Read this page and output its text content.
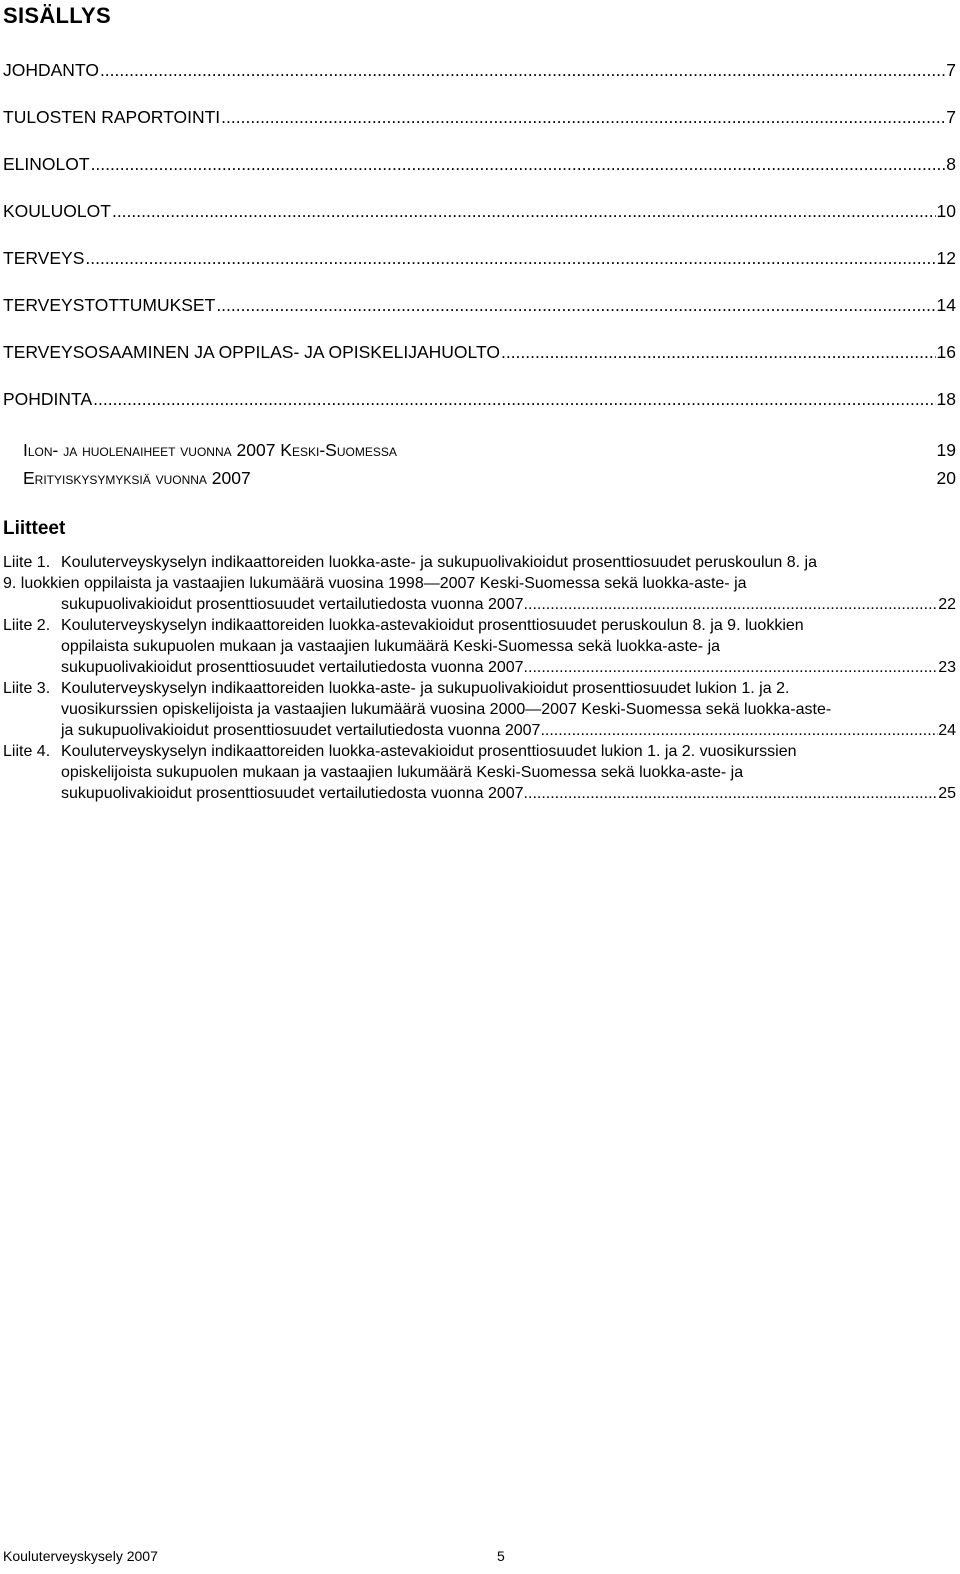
SISÄLLYS
JOHDANTO .....	7
TULOSTEN RAPORTOINTI .....	7
ELINOLOT .....	8
KOULUOLOT .....	10
TERVEYS .....	12
TERVEYSTOTTUMUKSET .....	14
TERVEYSOSAAMINEN JA OPPILAS- JA OPISKELIJAHUOLTO .....	16
POHDINTA .....	18
Ilon- ja huolenaiheet vuonna 2007 Keski-Suomessa	19
Erityiskysymyksiä vuonna 2007	20
Liitteet
Liite 1. Kouluterveyskyselyn indikaattoreiden luokka-aste- ja sukupuolivakioidut prosenttiosuudet peruskoulun 8. ja
9. luokkien oppilaista ja vastaajien lukumäärä vuosina 1998—2007 Keski-Suomessa sekä luokka-aste- ja
sukupuolivakioidut prosenttiosuudet vertailutiedosta vuonna 2007 .....	22
Liite 2. Kouluterveyskyselyn indikaattoreiden luokka-astevakioidut prosenttiosuudet peruskoulun 8. ja 9. luokkien
oppilaista sukupuolen mukaan ja vastaajien lukumäärä Keski-Suomessa sekä luokka-aste- ja
sukupuolivakioidut prosenttiosuudet vertailutiedosta vuonna 2007 .....	23
Liite 3. Kouluterveyskyselyn indikaattoreiden luokka-aste- ja sukupuolivakioidut prosenttiosuudet lukion 1. ja 2.
vuosikurssien opiskelijoista ja vastaajien lukumäärä vuosina 2000—2007 Keski-Suomessa sekä luokka-aste-
ja sukupuolivakioidut prosenttiosuudet vertailutiedosta vuonna 2007. .....	24
Liite 4. Kouluterveyskyselyn indikaattoreiden luokka-astevakioidut prosenttiosuudet lukion 1. ja 2. vuosikurssien
opiskelijoista sukupuolen mukaan ja vastaajien lukumäärä Keski-Suomessa sekä luokka-aste- ja
sukupuolivakioidut prosenttiosuudet vertailutiedosta vuonna 2007 .....	25
Kouluterveyskysely 2007	5
